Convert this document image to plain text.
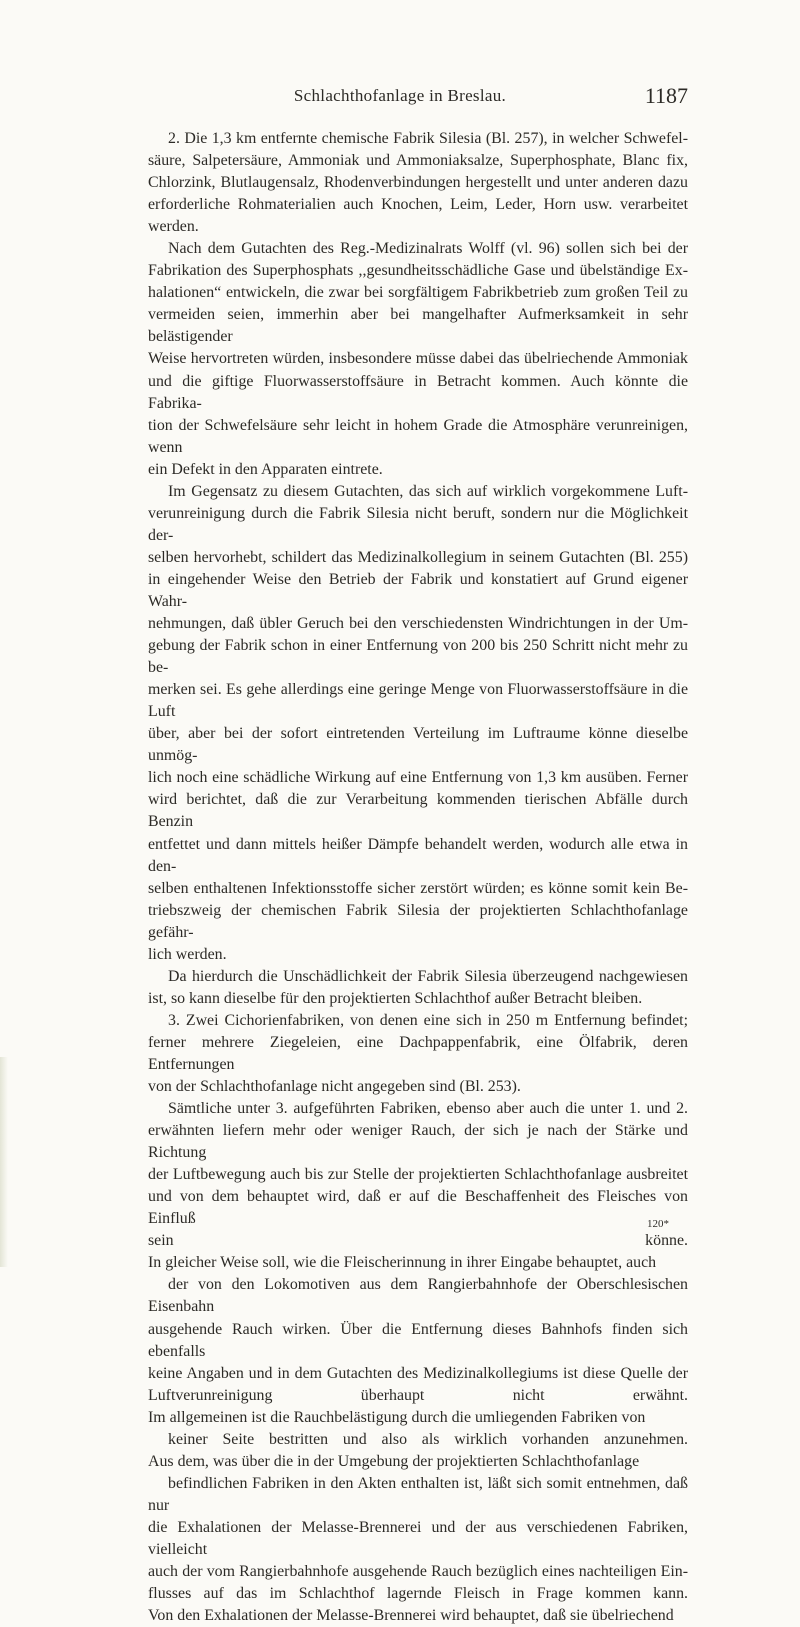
Schlachthofanlage in Breslau.	1187
2. Die 1,3 km entfernte chemische Fabrik Silesia (Bl. 257), in welcher Schwefel-
säure, Salpetersäure, Ammoniak und Ammoniaksalze, Superphosphate, Blanc fix,
Chlorzink, Blutlaugensalz, Rhodenverbindungen hergestellt und unter anderen dazu
erforderliche Rohmaterialien auch Knochen, Leim, Leder, Horn usw. verarbeitet werden.
Nach dem Gutachten des Reg.-Medizinalrats Wolff (vl. 96) sollen sich bei der
Fabrikation des Superphosphats ,,gesundheitsschädliche Gase und übelständige Ex-
halationen“ entwickeln, die zwar bei sorgfältigem Fabrikbetrieb zum großen Teil zu
vermeiden seien, immerhin aber bei mangelhafter Aufmerksamkeit in sehr belästigender
Weise hervortreten würden, insbesondere müsse dabei das übelriechende Ammoniak
und die giftige Fluorwasserstoffsäure in Betracht kommen. Auch könnte die Fabrika-
tion der Schwefelsäure sehr leicht in hohem Grade die Atmosphäre verunreinigen, wenn
ein Defekt in den Apparaten eintrete.
Im Gegensatz zu diesem Gutachten, das sich auf wirklich vorgekommene Luft-
verunreinigung durch die Fabrik Silesia nicht beruft, sondern nur die Möglichkeit der-
selben hervorhebt, schildert das Medizinalkollegium in seinem Gutachten (Bl. 255)
in eingehender Weise den Betrieb der Fabrik und konstatiert auf Grund eigener Wahr-
nehmungen, daß übler Geruch bei den verschiedensten Windrichtungen in der Um-
gebung der Fabrik schon in einer Entfernung von 200 bis 250 Schritt nicht mehr zu be-
merken sei. Es gehe allerdings eine geringe Menge von Fluorwasserstoffsäure in die Luft
über, aber bei der sofort eintretenden Verteilung im Luftraume könne dieselbe unmög-
lich noch eine schädliche Wirkung auf eine Entfernung von 1,3 km ausüben. Ferner
wird berichtet, daß die zur Verarbeitung kommenden tierischen Abfälle durch Benzin
entfettet und dann mittels heißer Dämpfe behandelt werden, wodurch alle etwa in den-
selben enthaltenen Infektionsstoffe sicher zerstört würden; es könne somit kein Be-
triebszweig der chemischen Fabrik Silesia der projektierten Schlachthofanlage gefähr-
lich werden.
Da hierdurch die Unschädlichkeit der Fabrik Silesia überzeugend nachgewiesen
ist, so kann dieselbe für den projektierten Schlachthof außer Betracht bleiben.
3. Zwei Cichorienfabriken, von denen eine sich in 250 m Entfernung befindet;
ferner mehrere Ziegeleien, eine Dachpappenfabrik, eine Ölfabrik, deren Entfernungen
von der Schlachthofanlage nicht angegeben sind (Bl. 253).
Sämtliche unter 3. aufgeführten Fabriken, ebenso aber auch die unter 1. und 2.
erwähnten liefern mehr oder weniger Rauch, der sich je nach der Stärke und Richtung
der Luftbewegung auch bis zur Stelle der projektierten Schlachthofanlage ausbreitet
und von dem behauptet wird, daß er auf die Beschaffenheit des Fleisches von Einfluß
sein könne.
In gleicher Weise soll, wie die Fleischerinnung in ihrer Eingabe behauptet, auch
der von den Lokomotiven aus dem Rangierbahnhofe der Oberschlesischen Eisenbahn
ausgehende Rauch wirken. Über die Entfernung dieses Bahnhofs finden sich ebenfalls
keine Angaben und in dem Gutachten des Medizinalkollegiums ist diese Quelle der
Luftverunreinigung überhaupt nicht erwähnt.
Im allgemeinen ist die Rauchbelästigung durch die umliegenden Fabriken von
keiner Seite bestritten und also als wirklich vorhanden anzunehmen.
Aus dem, was über die in der Umgebung der projektierten Schlachthofanlage
befindlichen Fabriken in den Akten enthalten ist, läßt sich somit entnehmen, daß nur
die Exhalationen der Melasse-Brennerei und der aus verschiedenen Fabriken, vielleicht
auch der vom Rangierbahnhofe ausgehende Rauch bezüglich eines nachteiligen Ein-
flusses auf das im Schlachthof lagernde Fleisch in Frage kommen kann.
Von den Exhalationen der Melasse-Brennerei wird behauptet, daß sie übelriechend
120*
